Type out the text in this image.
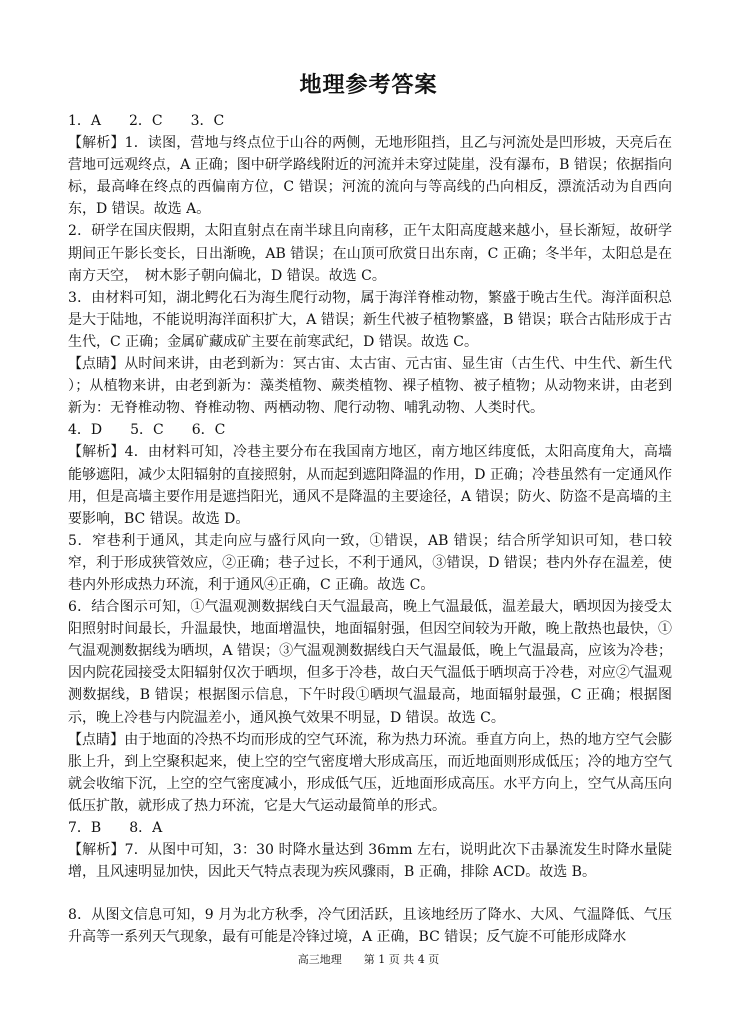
地理参考答案

1．A　　2．C　　3．C

【解析】1．读图，营地与终点位于山谷的两侧，无地形阻挡，且乙与河流处是凹形坡，天亮后在营地可远观终点，A 正确；图中研学路线附近的河流并未穿过陡崖，没有瀑布，B 错误；依据指向标，最高峰在终点的西偏南方位，C 错误；河流的流向与等高线的凸向相反，漂流活动为自西向东，D 错误。故选 A。

2．研学在国庆假期，太阳直射点在南半球且向南移，正午太阳高度越来越小，昼长渐短，故研学期间正午影长变长，日出渐晚，AB 错误；在山顶可欣赏日出东南，C 正确；冬半年，太阳总是在南方天空，　树木影子朝向偏北，D 错误。故选 C。

3．由材料可知，湖北鳄化石为海生爬行动物，属于海洋脊椎动物，繁盛于晚古生代。海洋面积总是大于陆地，不能说明海洋面积扩大，A 错误；新生代被子植物繁盛，B 错误；联合古陆形成于古生代，C 正确；金属矿藏成矿主要在前寒武纪，D 错误。故选 C。

【点睛】从时间来讲，由老到新为：冥古宙、太古宙、元古宙、显生宙（古生代、中生代、新生代 ）；从植物来讲，由老到新为：藻类植物、蕨类植物、裸子植物、被子植物；从动物来讲，由老到新为：无脊椎动物、脊椎动物、两栖动物、爬行动物、哺乳动物、人类时代。

4．D　　5．C　　6．C

【解析】4．由材料可知，冷巷主要分布在我国南方地区，南方地区纬度低，太阳高度角大，高墙能够遮阳，减少太阳辐射的直接照射，从而起到遮阳降温的作用，D 正确；冷巷虽然有一定通风作用，但是高墙主要作用是遮挡阳光，通风不是降温的主要途径，A 错误；防火、防盗不是高墙的主要影响，BC 错误。故选 D。

5．窄巷利于通风，其走向应与盛行风向一致，①错误，AB 错误；结合所学知识可知，巷口较窄，利于形成狭管效应，②正确；巷子过长，不利于通风，③错误，D 错误；巷内外存在温差，使巷内外形成热力环流，利于通风④正确，C 正确。故选 C。

6．结合图示可知，①气温观测数据线白天气温最高，晚上气温最低，温差最大，晒坝因为接受太阳照射时间最长，升温最快，地面增温快，地面辐射强，但因空间较为开敞，晚上散热也最快，①气温观测数据线为晒坝，A 错误；③气温观测数据线白天气温最低，晚上气温最高，应该为冷巷；因内院花园接受太阳辐射仅次于晒坝，但多于冷巷，故白天气温低于晒坝高于冷巷，对应②气温观测数据线，B 错误；根据图示信息，下午时段①晒坝气温最高，地面辐射最强，C 正确；根据图示，晚上冷巷与内院温差小，通风换气效果不明显，D 错误。故选 C。

【点睛】由于地面的冷热不均而形成的空气环流，称为热力环流。垂直方向上，热的地方空气会膨胀上升，到上空聚积起来，使上空的空气密度增大形成高压，而近地面则形成低压；冷的地方空气就会收缩下沉，上空的空气密度减小，形成低气压，近地面形成高压。水平方向上，空气从高压向低压扩散，就形成了热力环流，它是大气运动最简单的形式。

7．B　　8．A

【解析】7．从图中可知，3：30 时降水量达到 36mm 左右，说明此次下击暴流发生时降水量陡增，且风速明显加快，因此天气特点表现为疾风骤雨，B 正确，排除 ACD。故选 B。

8．从图文信息可知，9 月为北方秋季，冷气团活跃，且该地经历了降水、大风、气温降低、气压升高等一系列天气现象，最有可能是冷锋过境，A 正确，BC 错误；反气旋不可能形成降水

高三地理　　第 1 页 共 4 页
